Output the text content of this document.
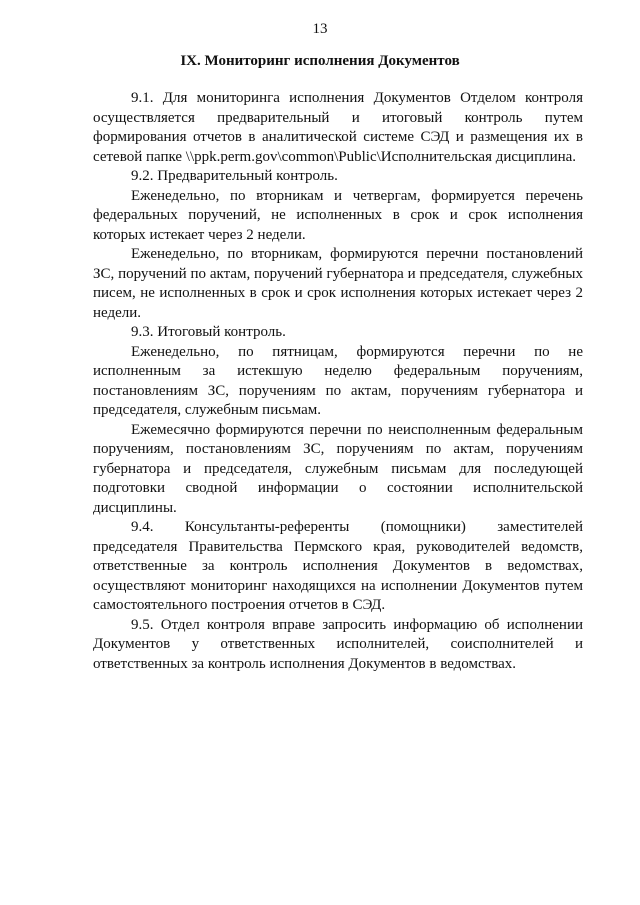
13
IX. Мониторинг исполнения Документов

9.1. Для мониторинга исполнения Документов Отделом контроля осуществляется предварительный и итоговый контроль путем формирования отчетов в аналитической системе СЭД и размещения их в сетевой папке \\ppk.perm.gov\common\Public\Исполнительская дисциплина.

9.2. Предварительный контроль.

Еженедельно, по вторникам и четвергам, формируется перечень федеральных поручений, не исполненных в срок и срок исполнения которых истекает через 2 недели.

Еженедельно, по вторникам, формируются перечни постановлений ЗС, поручений по актам, поручений губернатора и председателя, служебных писем, не исполненных в срок и срок исполнения которых истекает через 2 недели.

9.3. Итоговый контроль.

Еженедельно, по пятницам, формируются перечни по не исполненным за истекшую неделю федеральным поручениям, постановлениям ЗС, поручениям по актам, поручениям губернатора и председателя, служебным письмам.

Ежемесячно формируются перечни по неисполненным федеральным поручениям, постановлениям ЗС, поручениям по актам, поручениям губернатора и председателя, служебным письмам для последующей подготовки сводной информации о состоянии исполнительской дисциплины.

9.4. Консультанты-референты (помощники) заместителей председателя Правительства Пермского края, руководителей ведомств, ответственные за контроль исполнения Документов в ведомствах, осуществляют мониторинг находящихся на исполнении Документов путем самостоятельного построения отчетов в СЭД.

9.5. Отдел контроля вправе запросить информацию об исполнении Документов у ответственных исполнителей, соисполнителей и ответственных за контроль исполнения Документов в ведомствах.
